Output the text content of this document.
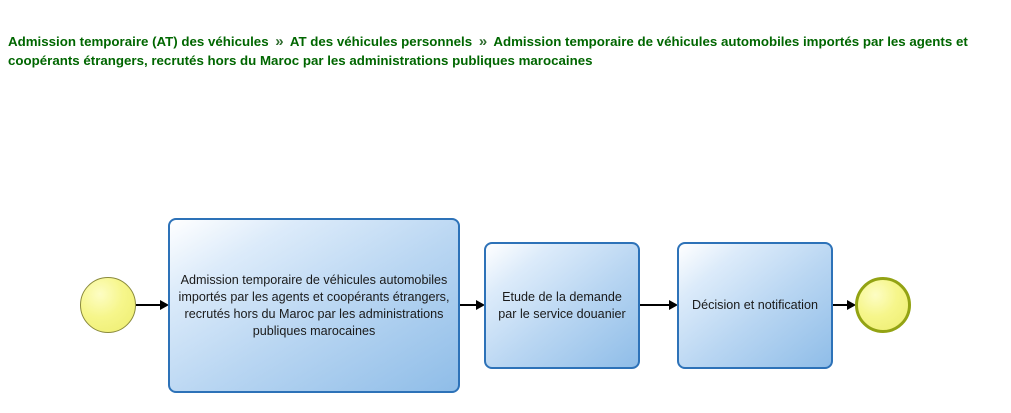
Admission temporaire (AT) des véhicules » AT des véhicules personnels » Admission temporaire de véhicules automobiles importés par les agents et coopérants étrangers, recrutés hors du Maroc par les administrations publiques marocaines
Admission temporaire de véhicules automobiles importés par les agents et coopérants étrangers, recrutés hors du Maroc par les administrations publiques marocaines
Etude de la demande par le service douanier
Décision et notification
